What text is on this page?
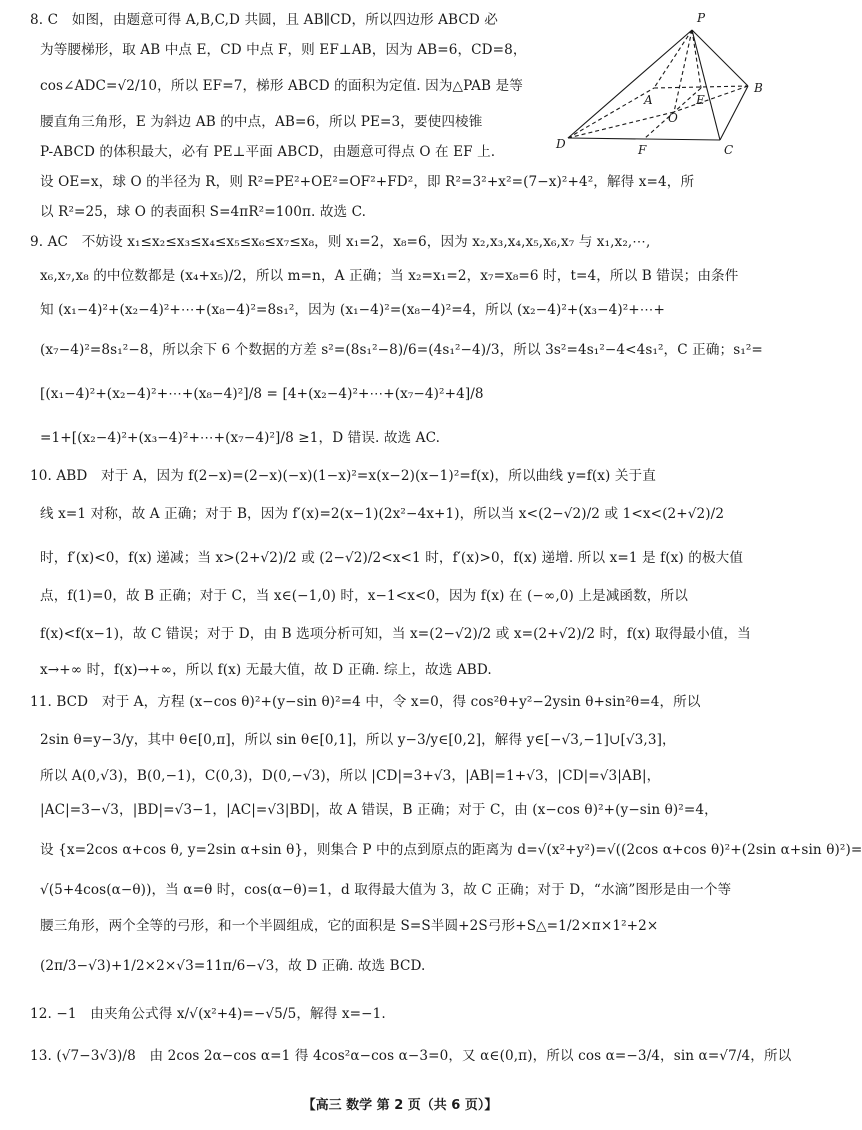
P
A	E
B
O
D	F	C
8. C　如图，由题意可得 A,B,C,D 共圆，且 AB∥CD，所以四边形 ABCD 必
为等腰梯形，取 AB 中点 E，CD 中点 F，则 EF⊥AB，因为 AB=6，CD=8，
cos∠ADC=√2/10，所以 EF=7，梯形 ABCD 的面积为定值. 因为△PAB 是等
腰直角三角形，E 为斜边 AB 的中点，AB=6，所以 PE=3，要使四棱锥
P-ABCD 的体积最大，必有 PE⊥平面 ABCD，由题意可得点 O 在 EF 上.
设 OE=x，球 O 的半径为 R，则 R²=PE²+OE²=OF²+FD²，即 R²=3²+x²=(7−x)²+4²，解得 x=4，所
以 R²=25，球 O 的表面积 S=4πR²=100π. 故选 C.
9. AC　不妨设 x₁≤x₂≤x₃≤x₄≤x₅≤x₆≤x₇≤x₈，则 x₁=2，x₈=6，因为 x₂,x₃,x₄,x₅,x₆,x₇ 与 x₁,x₂,⋯,
x₆,x₇,x₈ 的中位数都是 (x₄+x₅)/2，所以 m=n，A 正确；当 x₂=x₁=2，x₇=x₈=6 时，t=4，所以 B 错误；由条件
知 (x₁−4)²+(x₂−4)²+⋯+(x₈−4)²=8s₁²，因为 (x₁−4)²=(x₈−4)²=4，所以 (x₂−4)²+(x₃−4)²+⋯+
(x₇−4)²=8s₁²−8，所以余下 6 个数据的方差 s²=(8s₁²−8)/6=(4s₁²−4)/3，所以 3s²=4s₁²−4<4s₁²，C 正确；s₁²=
[(x₁−4)²+(x₂−4)²+⋯+(x₈−4)²]/8 = [4+(x₂−4)²+⋯+(x₇−4)²+4]/8
=1+[(x₂−4)²+(x₃−4)²+⋯+(x₇−4)²]/8 ≥1，D 错误. 故选 AC.
10. ABD　对于 A，因为 f(2−x)=(2−x)(−x)(1−x)²=x(x−2)(x−1)²=f(x)，所以曲线 y=f(x) 关于直
线 x=1 对称，故 A 正确；对于 B，因为 f′(x)=2(x−1)(2x²−4x+1)，所以当 x<(2−√2)/2 或 1<x<(2+√2)/2
时，f′(x)<0，f(x) 递减；当 x>(2+√2)/2 或 (2−√2)/2<x<1 时，f′(x)>0，f(x) 递增. 所以 x=1 是 f(x) 的极大值
点，f(1)=0，故 B 正确；对于 C，当 x∈(−1,0) 时，x−1<x<0，因为 f(x) 在 (−∞,0) 上是减函数，所以
f(x)<f(x−1)，故 C 错误；对于 D，由 B 选项分析可知，当 x=(2−√2)/2 或 x=(2+√2)/2 时，f(x) 取得最小值，当
x→+∞ 时，f(x)→+∞，所以 f(x) 无最大值，故 D 正确. 综上，故选 ABD.
11. BCD　对于 A，方程 (x−cos θ)²+(y−sin θ)²=4 中，令 x=0，得 cos²θ+y²−2ysin θ+sin²θ=4，所以
2sin θ=y−3/y，其中 θ∈[0,π]，所以 sin θ∈[0,1]，所以 y−3/y∈[0,2]，解得 y∈[−√3,−1]∪[√3,3]，
所以 A(0,√3)，B(0,−1)，C(0,3)，D(0,−√3)，所以 |CD|=3+√3，|AB|=1+√3，|CD|=√3|AB|，
|AC|=3−√3，|BD|=√3−1，|AC|=√3|BD|，故 A 错误，B 正确；对于 C，由 (x−cos θ)²+(y−sin θ)²=4，
设 {x=2cos α+cos θ, y=2sin α+sin θ}，则集合 P 中的点到原点的距离为 d=√(x²+y²)=√((2cos α+cos θ)²+(2sin α+sin θ)²)=
√(5+4cos(α−θ))，当 α=θ 时，cos(α−θ)=1，d 取得最大值为 3，故 C 正确；对于 D，“水滴”图形是由一个等
腰三角形，两个全等的弓形，和一个半圆组成，它的面积是 S=S半圆+2S弓形+S△=1/2×π×1²+2×
(2π/3−√3)+1/2×2×√3=11π/6−√3，故 D 正确. 故选 BCD.
12. −1　由夹角公式得 x/√(x²+4)=−√5/5，解得 x=−1.
13. (√7−3√3)/8　由 2cos 2α−cos α=1 得 4cos²α−cos α−3=0，又 α∈(0,π)，所以 cos α=−3/4，sin α=√7/4，所以
【高三 数学 第 2 页（共 6 页）】
